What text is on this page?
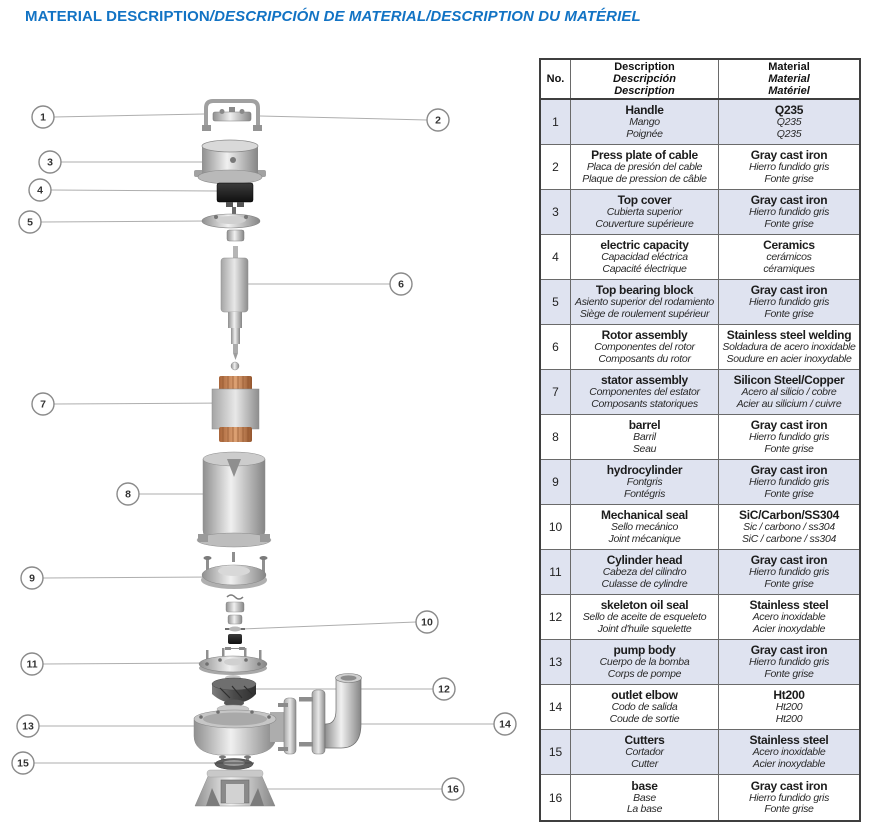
MATERIAL DESCRIPTION/DESCRIPCIÓN DE MATERIAL/DESCRIPTION DU MATÉRIEL
1	2
3
4
5
6
7
8
9
10
11
12
13	14
15
16
No.
Description
Descripción
Description
Material
Material
Matériel
1
Handle
Mango
Poignée
Q235
Q235
Q235
2
Press plate of cable
Placa de presión del cable
Plaque de pression de câble
Gray cast iron
Hierro fundido gris
Fonte grise
3
Top cover
Cubierta superior
Couverture supérieure
Gray cast iron
Hierro fundido gris
Fonte grise
4
electric capacity
Capacidad eléctrica
Capacité électrique
Ceramics
cerámicos
céramiques
5
Top bearing block
Asiento superior del rodamiento
Siège de roulement supérieur
Gray cast iron
Hierro fundido gris
Fonte grise
6
Rotor assembly
Componentes del rotor
Composants du rotor
Stainless steel welding
Soldadura de acero inoxidable
Soudure en acier inoxydable
7
stator assembly
Componentes del estator
Composants statoriques
Silicon Steel/Copper
Acero al silicio / cobre
Acier au silicium / cuivre
8
barrel
Barril
Seau
Gray cast iron
Hierro fundido gris
Fonte grise
9
hydrocylinder
Fontgris
Fontégris
Gray cast iron
Hierro fundido gris
Fonte grise
10
Mechanical seal
Sello mecánico
Joint mécanique
SiC/Carbon/SS304
Sic / carbono / ss304
SiC / carbone / ss304
11
Cylinder head
Cabeza del cilindro
Culasse de cylindre
Gray cast iron
Hierro fundido gris
Fonte grise
12
skeleton oil seal
Sello de aceite de esqueleto
Joint d'huile squelette
Stainless steel
Acero inoxidable
Acier inoxydable
13
pump body
Cuerpo de la bomba
Corps de pompe
Gray cast iron
Hierro fundido gris
Fonte grise
14
outlet elbow
Codo de salida
Coude de sortie
Ht200
Ht200
Ht200
15
Cutters
Cortador
Cutter
Stainless steel
Acero inoxidable
Acier inoxydable
16
base
Base
La base
Gray cast iron
Hierro fundido gris
Fonte grise
